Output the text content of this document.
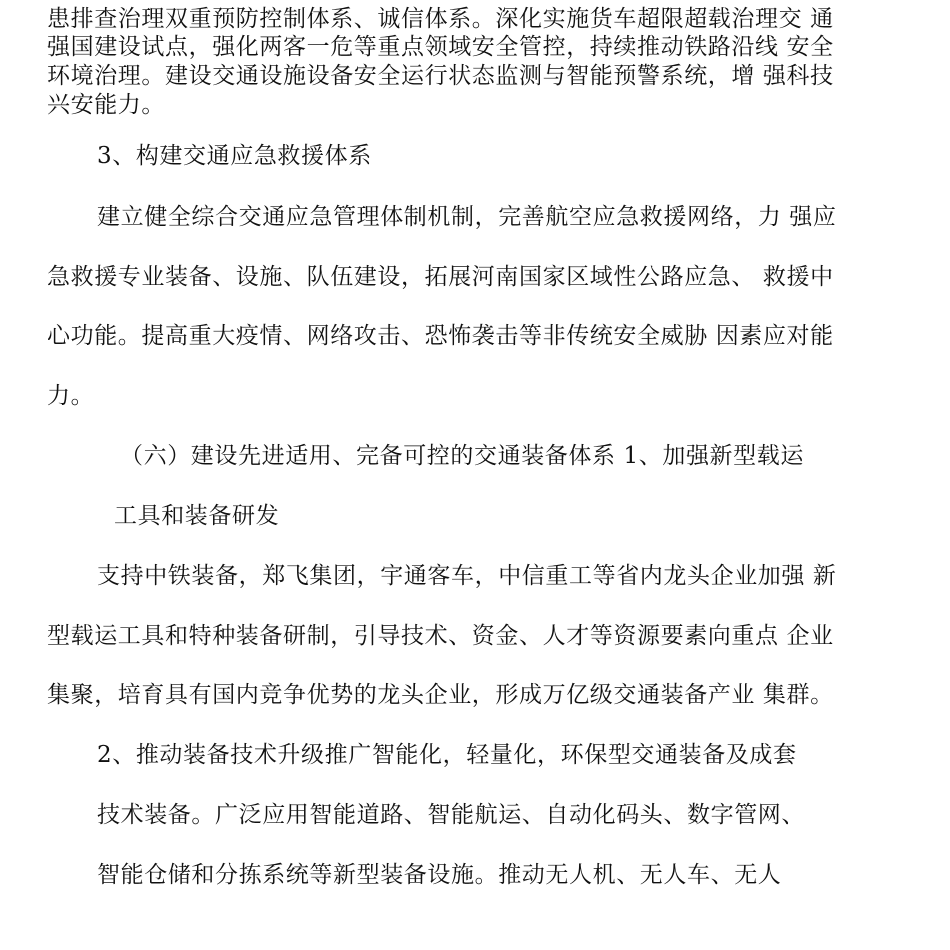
患排查治理双重预防控制体系、诚信体系。深化实施货车超限超载治理交 通
强国建设试点，强化两客一危等重点领域安全管控，持续推动铁路沿线 安全
环境治理。建设交通设施设备安全运行状态监测与智能预警系统，增 强科技
兴安能力。
3、构建交通应急救援体系
建立健全综合交通应急管理体制机制，完善航空应急救援网络，力 强应
急救援专业装备、设施、队伍建设，拓展河南国家区域性公路应急、 救援中
心功能。提高重大疫情、网络攻击、恐怖袭击等非传统安全威胁 因素应对能
力。
（六）建设先进适用、完备可控的交通装备体系 1、加强新型载运
工具和装备研发
支持中铁装备，郑飞集团，宇通客车，中信重工等省内龙头企业加强 新
型载运工具和特种装备研制，引导技术、资金、人才等资源要素向重点 企业
集聚，培育具有国内竞争优势的龙头企业，形成万亿级交通装备产业 集群。
2、推动装备技术升级推广智能化，轻量化，环保型交通装备及成套
技术装备。广泛应用智能道路、智能航运、自动化码头、数字管网、
智能仓储和分拣系统等新型装备设施。推动无人机、无人车、无人
